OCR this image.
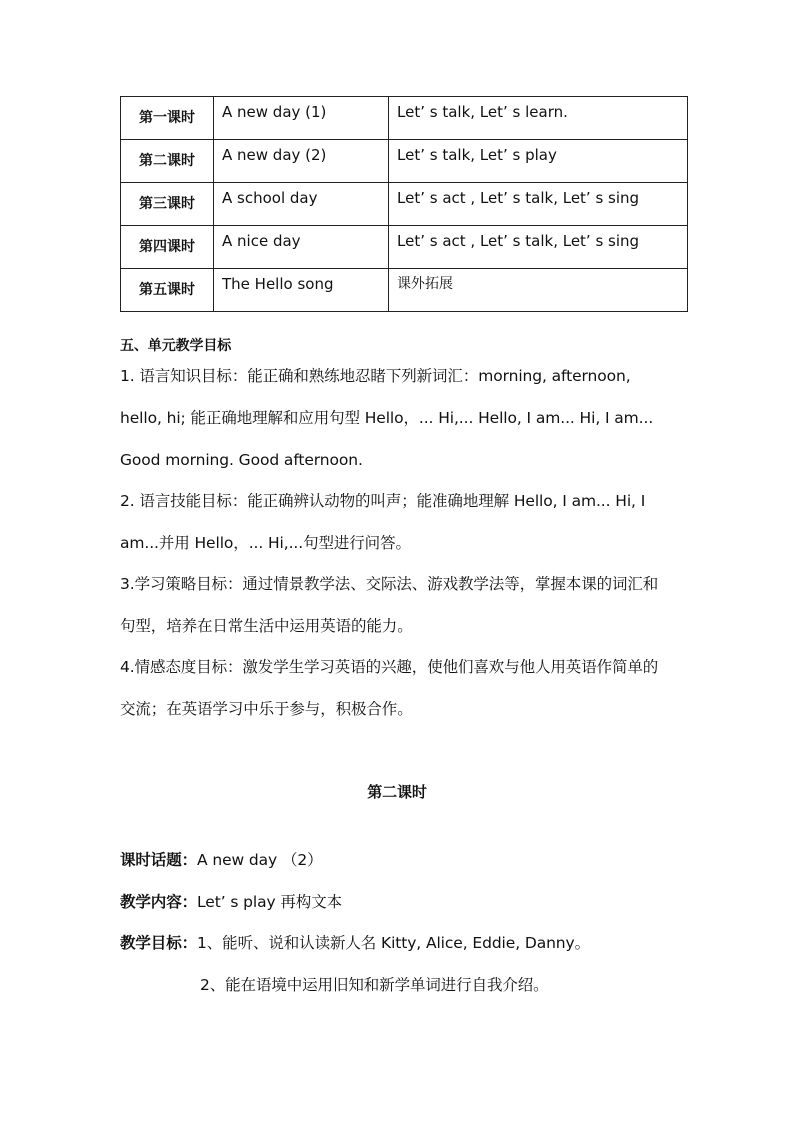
第一课时	A new day (1)	Let’ s talk, Let’ s learn.
第二课时	A new day (2)	Let’ s talk, Let’ s play
第三课时	A school day	Let’ s act , Let’ s talk, Let’ s sing
第四课时	A nice day	Let’ s act , Let’ s talk, Let’ s sing
第五课时	The Hello song	课外拓展
五、单元教学目标
1. 语言知识目标：能正确和熟练地忍睹下列新词汇：morning, afternoon,
hello, hi; 能正确地理解和应用句型 Hello，... Hi,... Hello, I am... Hi, I am...
Good morning. Good afternoon.
2. 语言技能目标：能正确辨认动物的叫声；能准确地理解 Hello, I am... Hi, I
am...并用 Hello，... Hi,...句型进行问答。
3.学习策略目标：通过情景教学法、交际法、游戏教学法等，掌握本课的词汇和
句型，培养在日常生活中运用英语的能力。
4.情感态度目标：激发学生学习英语的兴趣，使他们喜欢与他人用英语作简单的
交流；在英语学习中乐于参与，积极合作。
第二课时
课时话题：A new day （2）
教学内容：Let’ s play 再构文本
教学目标：1、能听、说和认读新人名 Kitty, Alice, Eddie, Danny。
2、能在语境中运用旧知和新学单词进行自我介绍。
